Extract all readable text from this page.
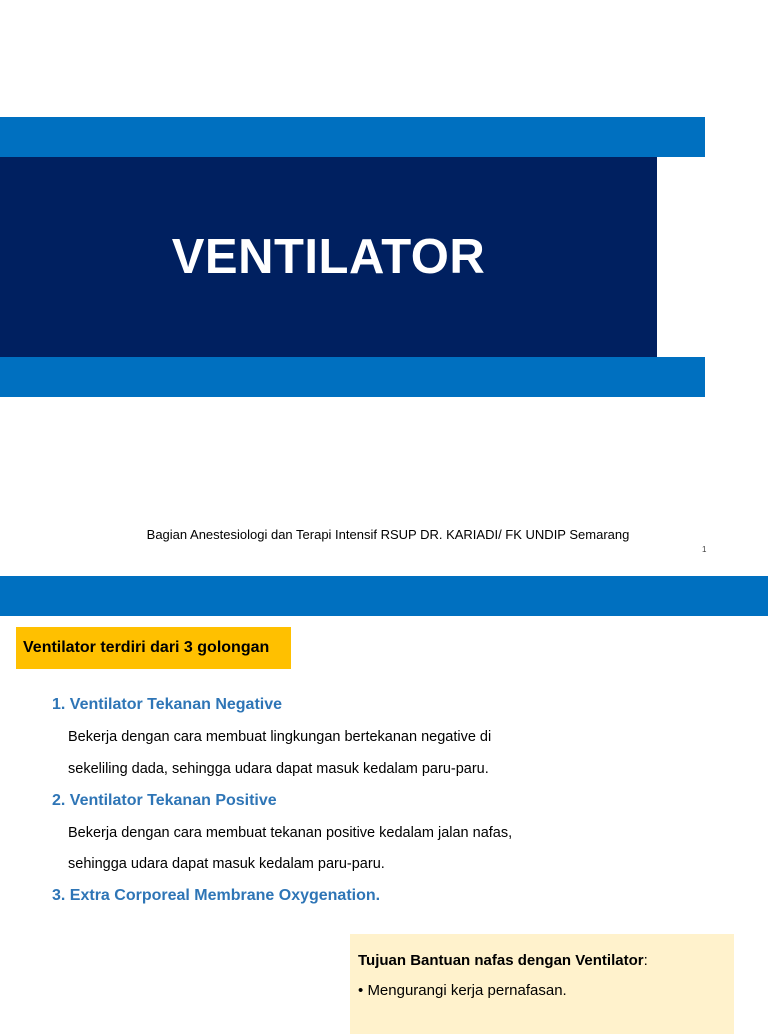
VENTILATOR
Bagian Anestesiologi dan Terapi Intensif RSUP DR. KARIADI/ FK UNDIP Semarang
1
Ventilator terdiri dari 3 golongan
1. Ventilator Tekanan Negative
Bekerja dengan cara membuat lingkungan bertekanan negative di
sekeliling dada, sehingga udara dapat masuk kedalam paru-paru.
2. Ventilator Tekanan Positive
Bekerja dengan cara membuat tekanan positive kedalam jalan nafas,
sehingga udara dapat masuk kedalam paru-paru.
3. Extra Corporeal Membrane Oxygenation.
Tujuan Bantuan nafas dengan Ventilator:
• Mengurangi kerja pernafasan.
